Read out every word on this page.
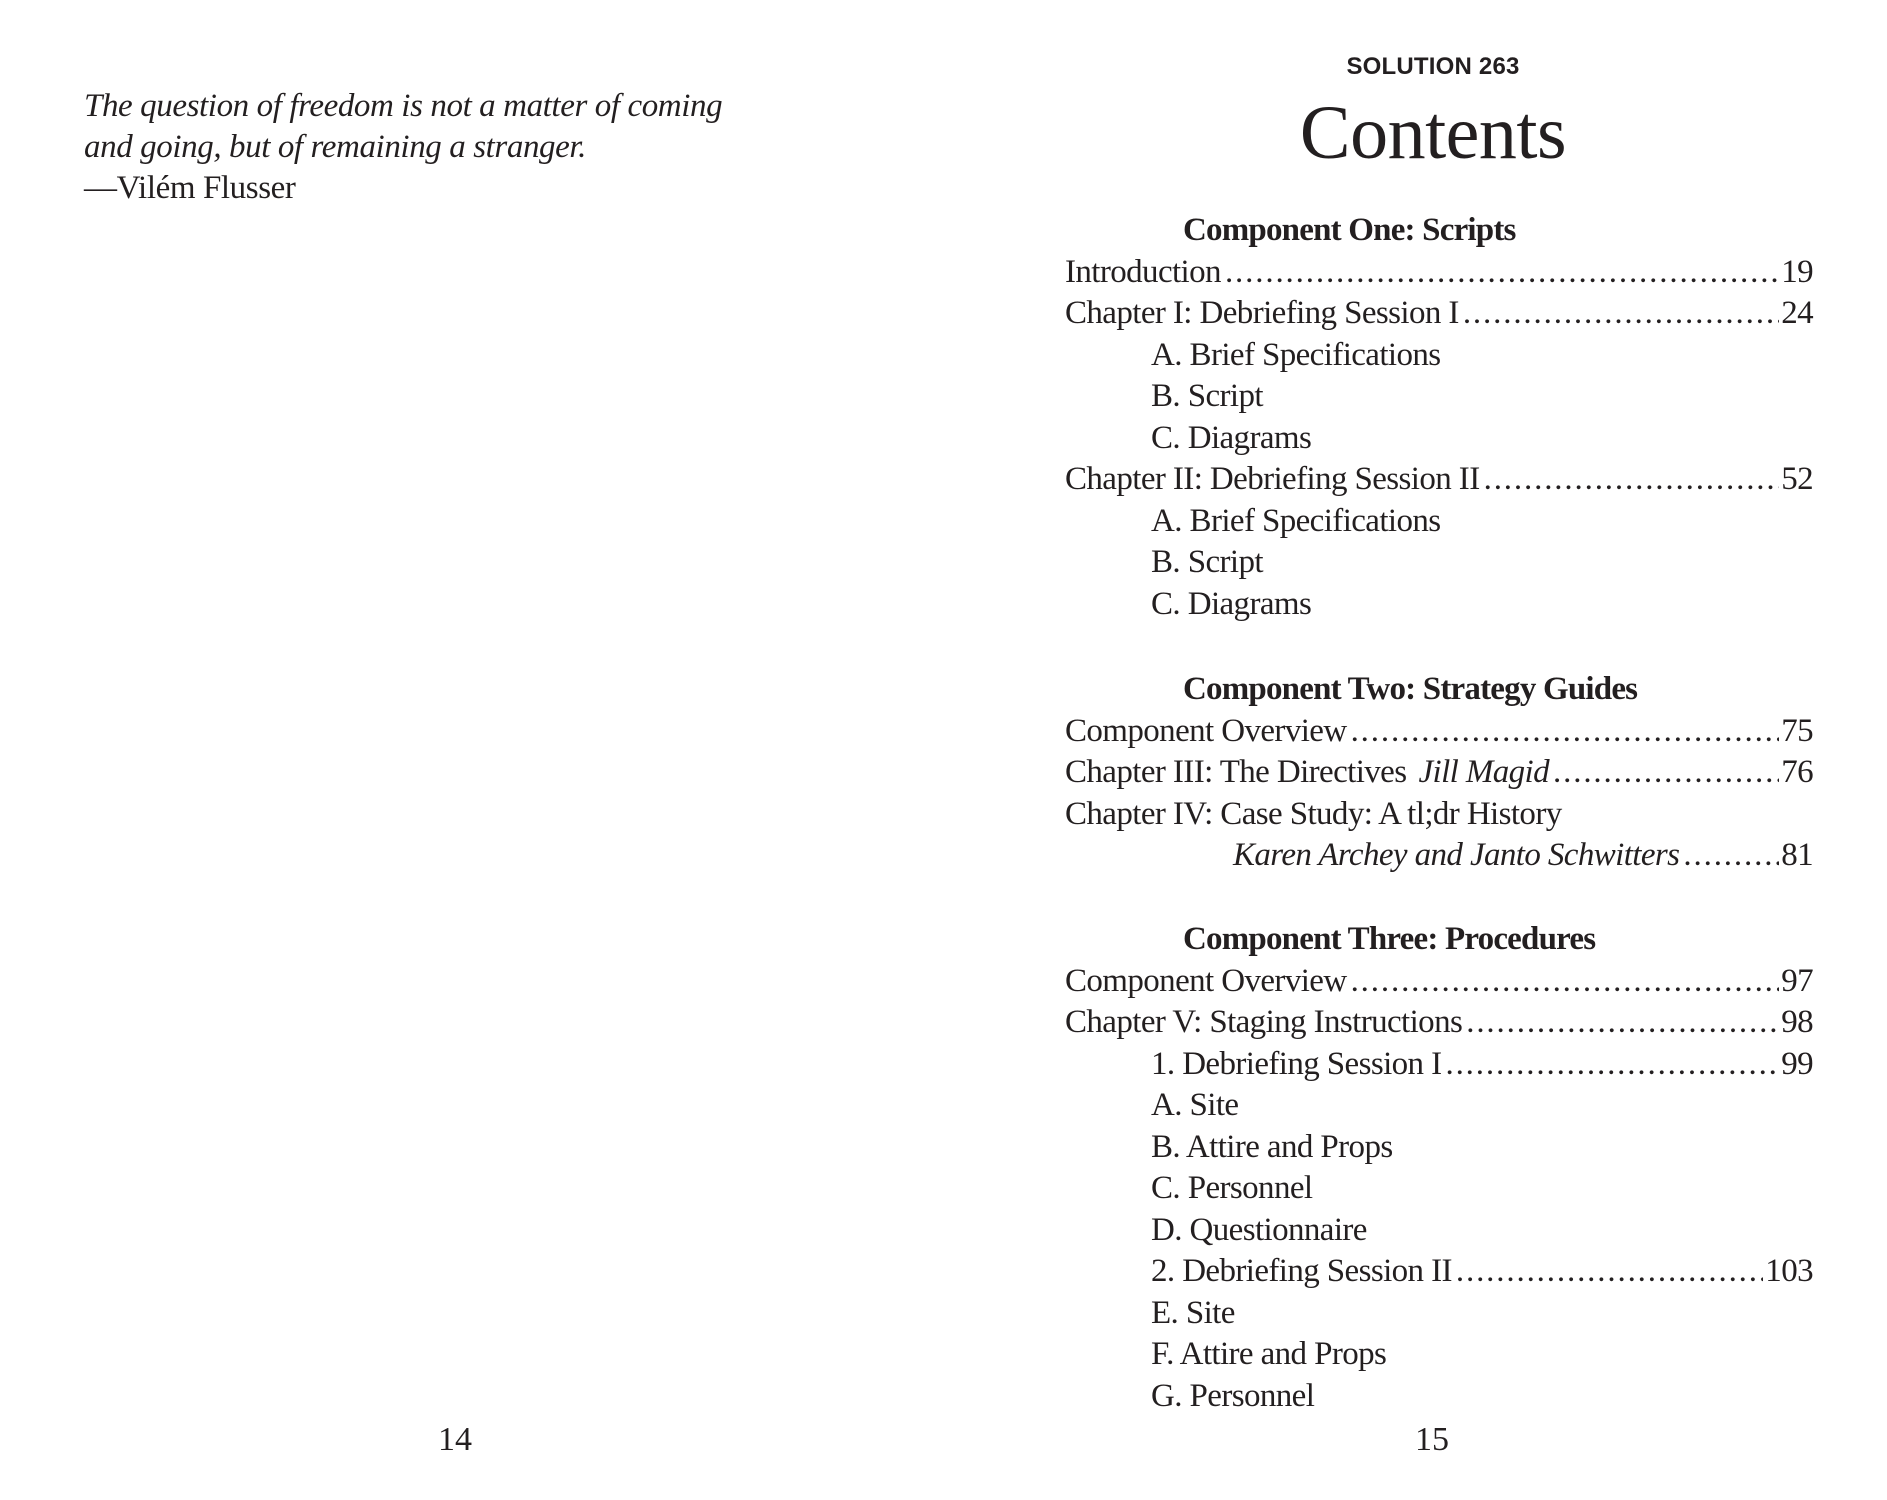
The question of freedom is not a matter of coming
and going, but of remaining a stranger.
—Vilém Flusser
14
SOLUTION 263
Contents
Component One: Scripts
Introduction . . .	19
Chapter I: Debriefing Session I . . .	24
A. Brief Specifications
B. Script
C. Diagrams
Chapter II: Debriefing Session II . . .	52
A. Brief Specifications
B. Script
C. Diagrams
Component Two: Strategy Guides
Component Overview . . .	75
Chapter III: The Directives Jill Magid . . .	76
Chapter IV: Case Study: A tl;dr History
Karen Archey and Janto Schwitters . . .	81
Component Three: Procedures
Component Overview . . .	97
Chapter V: Staging Instructions . . .	98
1. Debriefing Session I . . .	99
A. Site
B. Attire and Props
C. Personnel
D. Questionnaire
2. Debriefing Session II . . .	103
E. Site
F. Attire and Props
G. Personnel
15
